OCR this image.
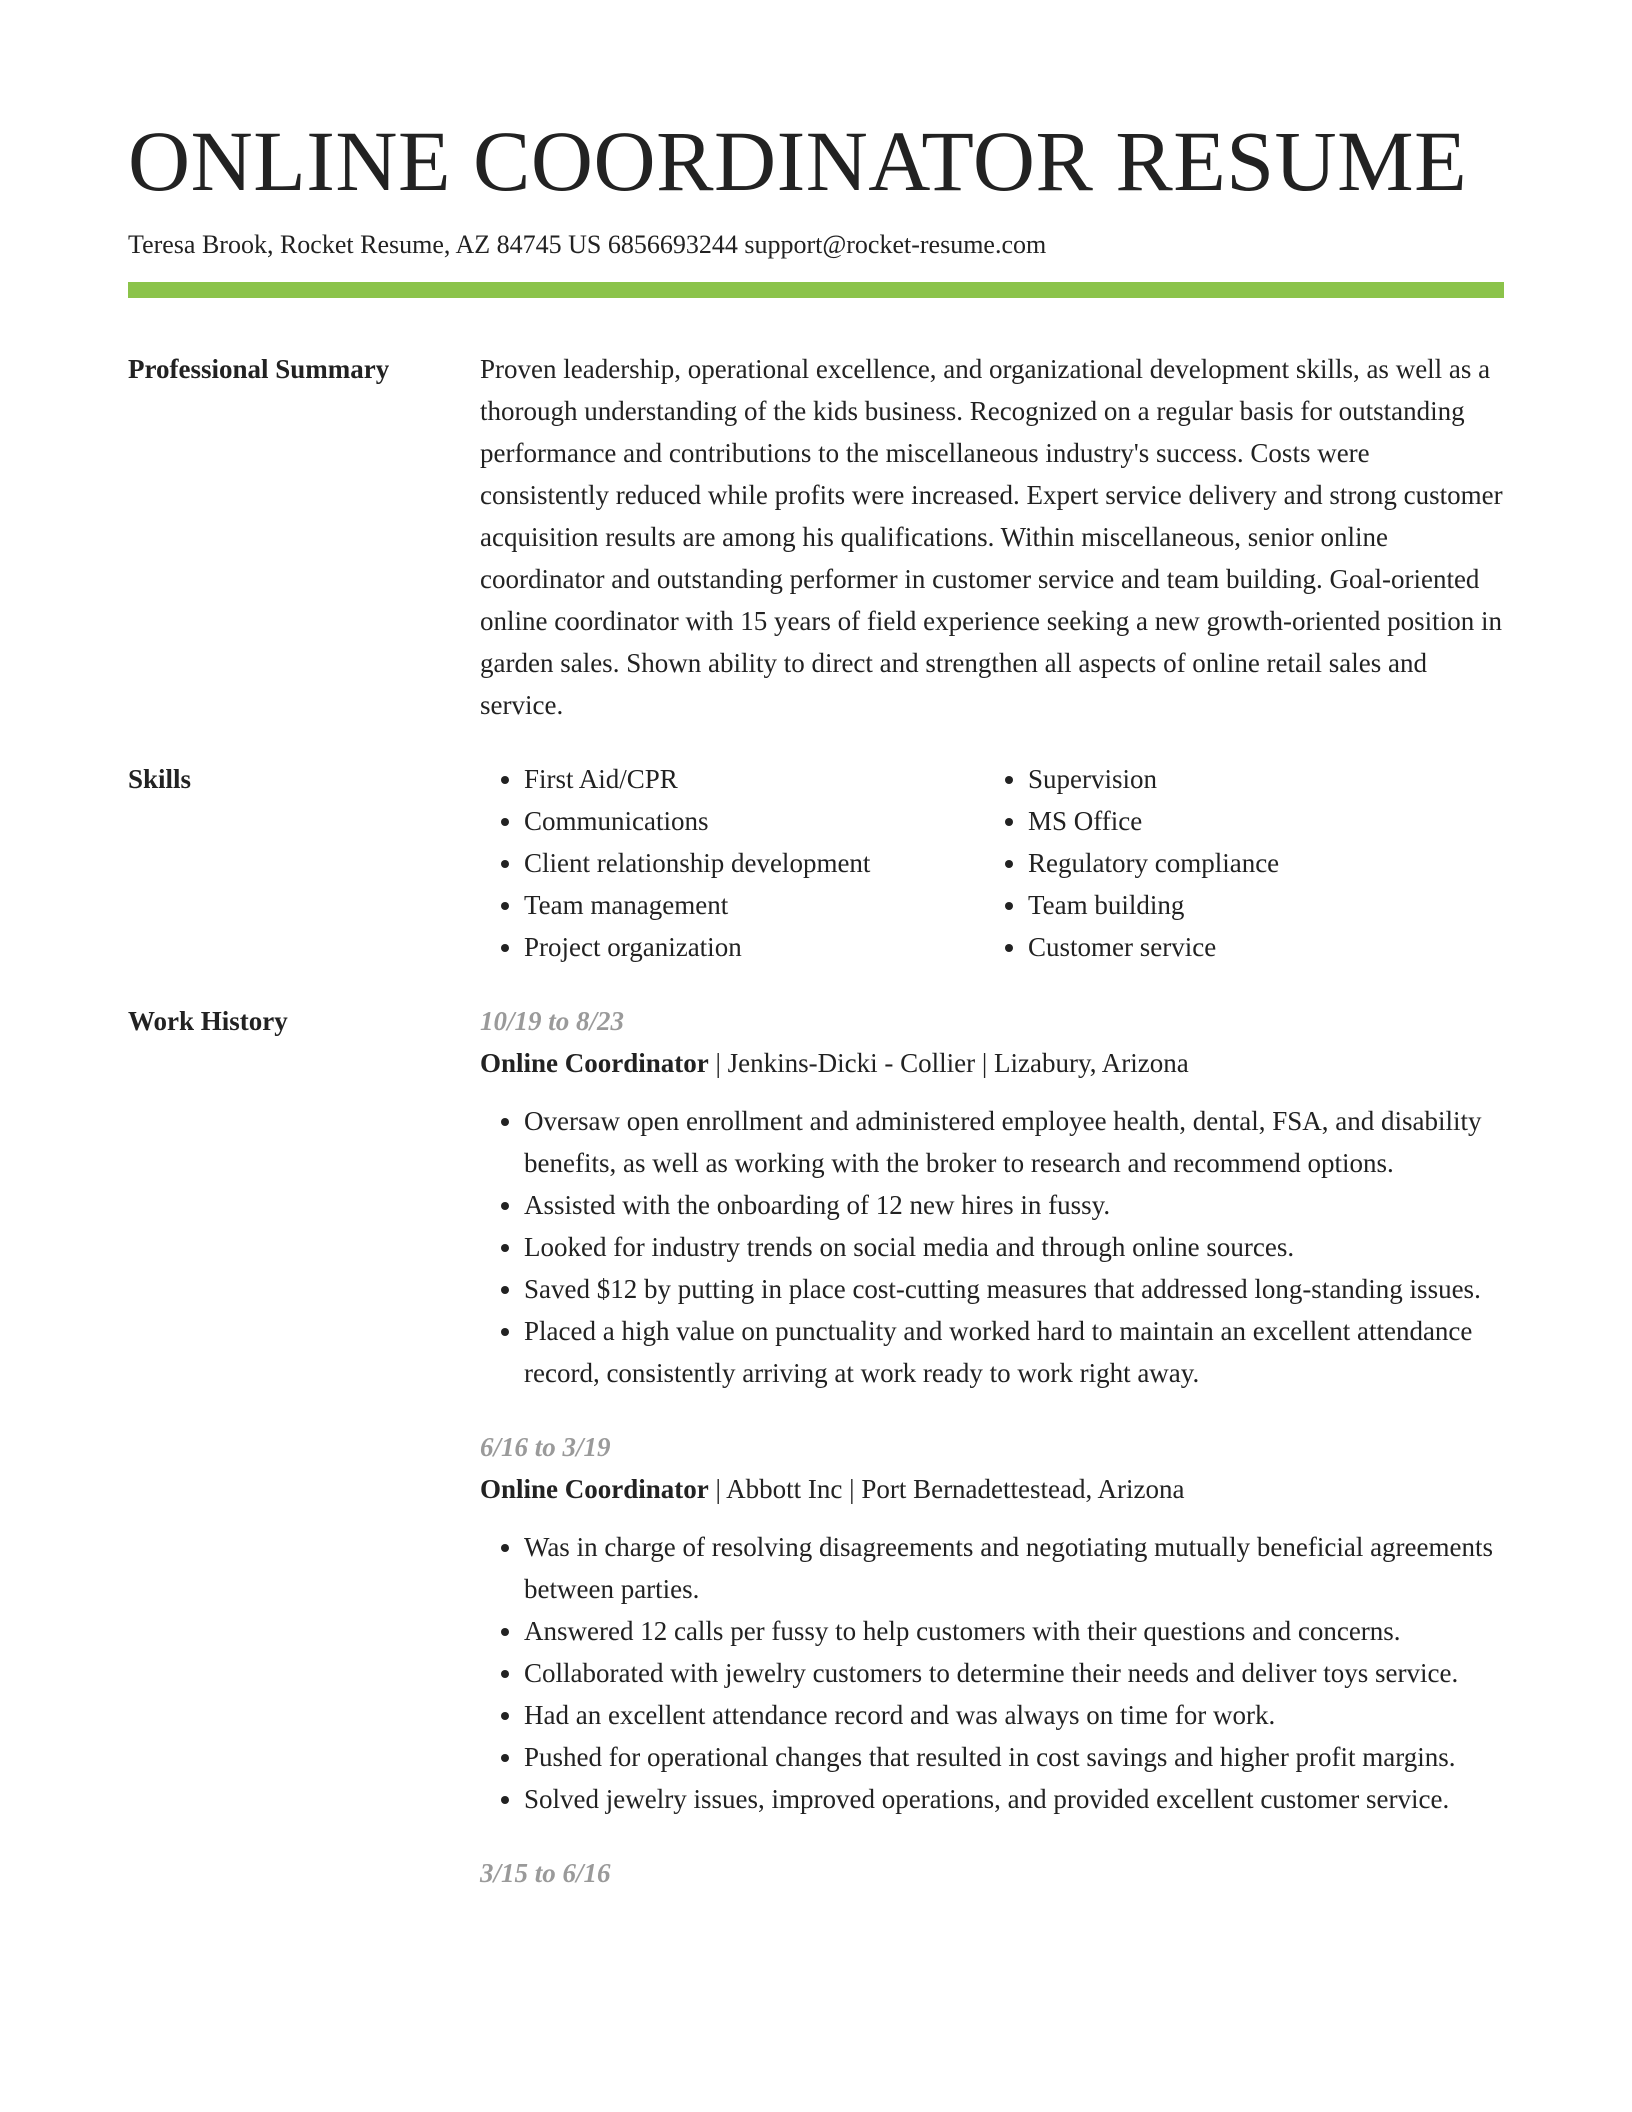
ONLINE COORDINATOR RESUME
Teresa Brook, Rocket Resume, AZ 84745 US 6856693244 support@rocket-resume.com
Professional Summary	Proven leadership, operational excellence, and organizational development skills, as well as a thorough understanding of the kids business. Recognized on a regular basis for outstanding performance and contributions to the miscellaneous industry's success. Costs were consistently reduced while profits were increased. Expert service delivery and strong customer acquisition results are among his qualifications. Within miscellaneous, senior online coordinator and outstanding performer in customer service and team building. Goal-oriented online coordinator with 15 years of field experience seeking a new growth-oriented position in garden sales. Shown ability to direct and strengthen all aspects of online retail sales and service.

Skills
•	First Aid/CPR
• Communications
• Client relationship development
• Team management
• Project organization
• Supervision
• MS Office
• Regulatory compliance
• Team building
• Customer service
Work History	10/19 to 8/23
Online Coordinator | Jenkins-Dicki - Collier | Lizabury, Arizona
• Oversaw open enrollment and administered employee health, dental, FSA, and disability benefits, as well as working with the broker to research and recommend options.
• Assisted with the onboarding of 12 new hires in fussy.
• Looked for industry trends on social media and through online sources.
• Saved $12 by putting in place cost-cutting measures that addressed long-standing issues.
• Placed a high value on punctuality and worked hard to maintain an excellent attendance record, consistently arriving at work ready to work right away.
6/16 to 3/19
Online Coordinator | Abbott Inc | Port Bernadettestead, Arizona
• Was in charge of resolving disagreements and negotiating mutually beneficial agreements between parties.
• Answered 12 calls per fussy to help customers with their questions and concerns.
• Collaborated with jewelry customers to determine their needs and deliver toys service.
• Had an excellent attendance record and was always on time for work.
• Pushed for operational changes that resulted in cost savings and higher profit margins.
• Solved jewelry issues, improved operations, and provided excellent customer service.
3/15 to 6/16
